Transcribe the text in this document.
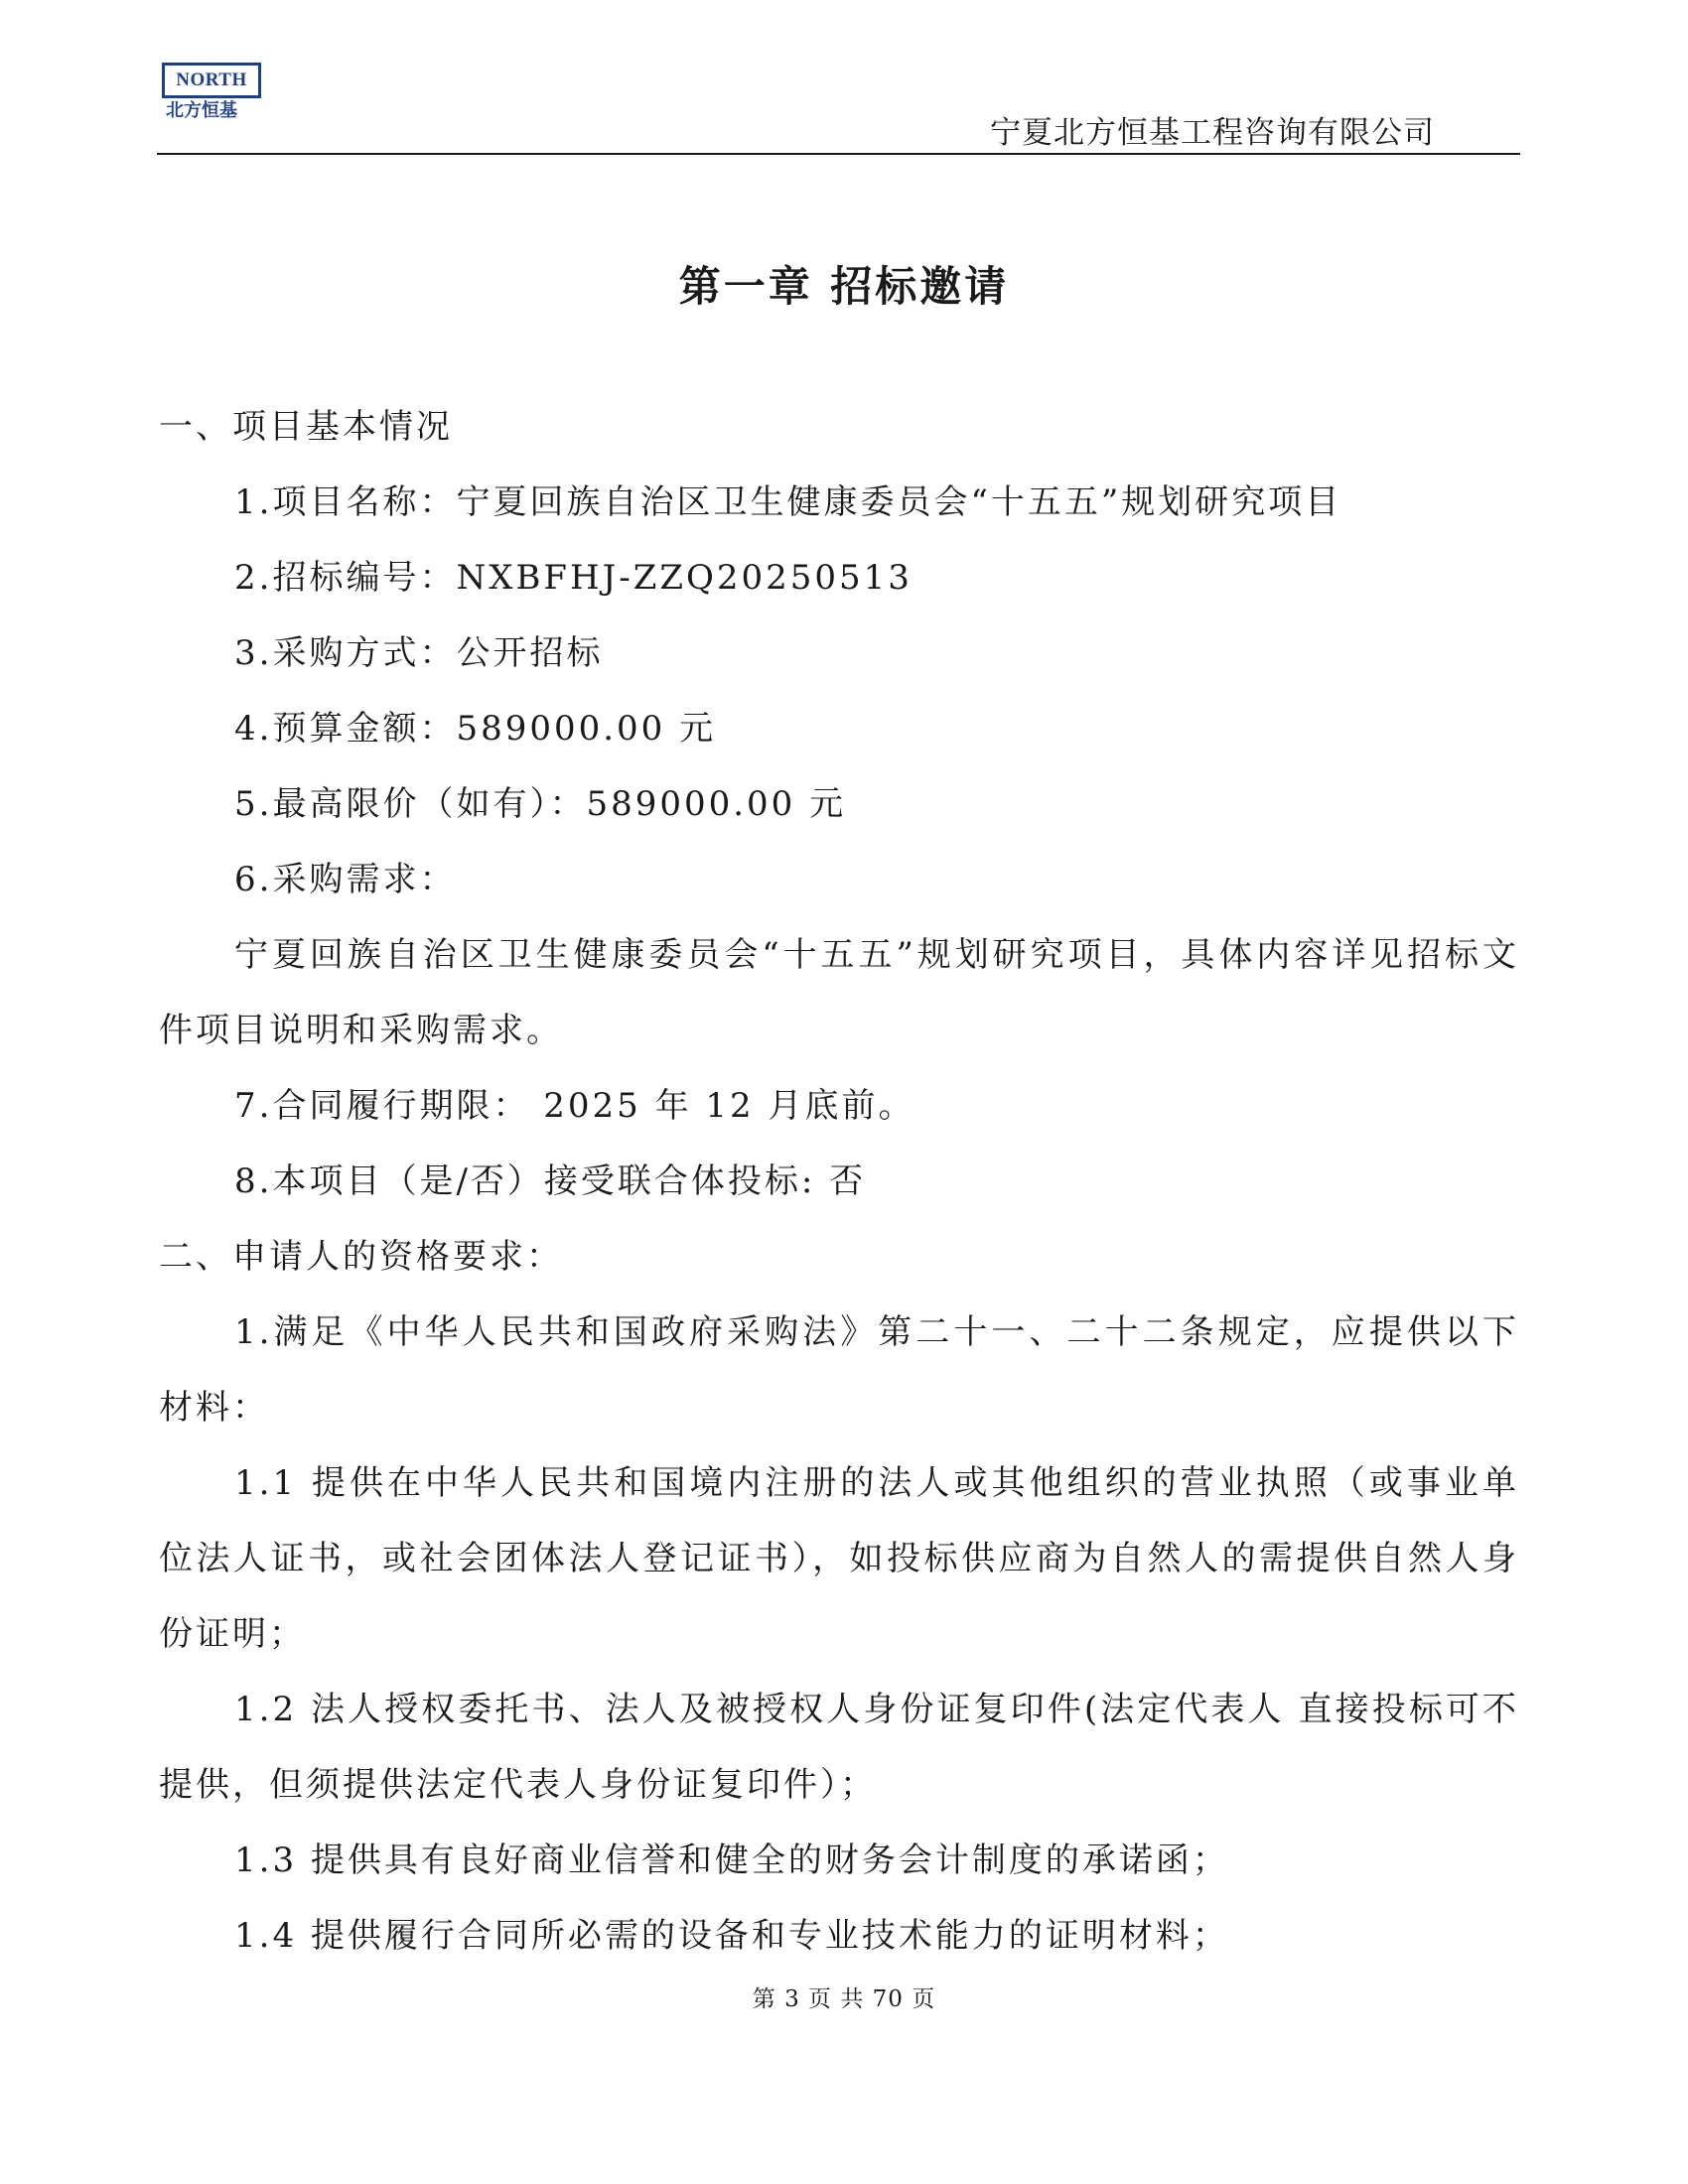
NORTH
北方恒基
宁夏北方恒基工程咨询有限公司
第一章 招标邀请

一、项目基本情况

1.项目名称：宁夏回族自治区卫生健康委员会“十五五”规划研究项目

2.招标编号：NXBFHJ-ZZQ20250513

3.采购方式：公开招标

4.预算金额：589000.00 元

5.最高限价（如有）：589000.00 元

6.采购需求：

宁夏回族自治区卫生健康委员会“十五五”规划研究项目，具体内容详见招标文件项目说明和采购需求。

7.合同履行期限： 2025 年 12 月底前。

8.本项目（是/否）接受联合体投标: 否

二、申请人的资格要求：

1.满足《中华人民共和国政府采购法》第二十一、二十二条规定，应提供以下材料：

1.1 提供在中华人民共和国境内注册的法人或其他组织的营业执照（或事业单位法人证书，或社会团体法人登记证书），如投标供应商为自然人的需提供自然人身份证明；

1.2 法人授权委托书、法人及被授权人身份证复印件(法定代表人 直接投标可不提供，但须提供法定代表人身份证复印件）；

1.3 提供具有良好商业信誉和健全的财务会计制度的承诺函；

1.4 提供履行合同所必需的设备和专业技术能力的证明材料；

第 3 页 共 70 页
